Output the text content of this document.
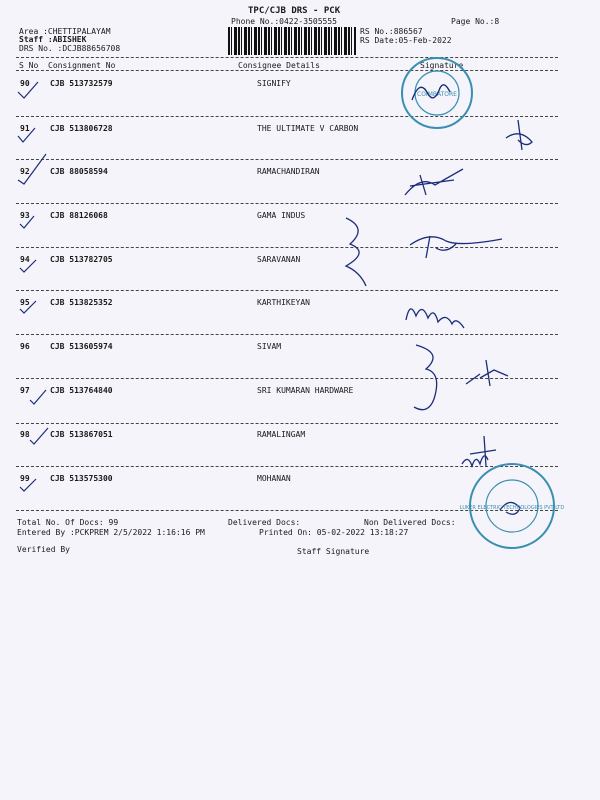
TPC/CJB DRS - PCK
Phone No.:0422-3505555
Area :CHETTIPALAYAM
Staff :ABISHEK
DRS No. :DCJB88656708
RS No.:886567
RS Date:05-Feb-2022
Page No.:8
S No Consignment No	Consignee Details	Signature
90	CJB 513732579	SIGNIFY
91	CJB 513806728	THE ULTIMATE V CARBON
92	CJB 88058594	RAMACHANDIRAN
93	CJB 88126068	GAMA INDUS
94	CJB 513782705	SARAVANAN
95	CJB 513825352	KARTHIKEYAN
96	CJB 513605974	SIVAM
97	CJB 513764840	SRI KUMARAN HARDWARE
98	CJB 513867051	RAMALINGAM
99	CJB 513575300	MOHANAN
Total No. Of Docs: 99	Delivered Docs:	Non Delivered Docs:
Entered By :PCKPREM 2/5/2022 1:16:16 PM	Printed On: 05-02-2022 13:18:27
Verified By	Staff Signature
COIMBATORE
LUKER ELECTRIC TECHNOLOGIES PVT LTD
